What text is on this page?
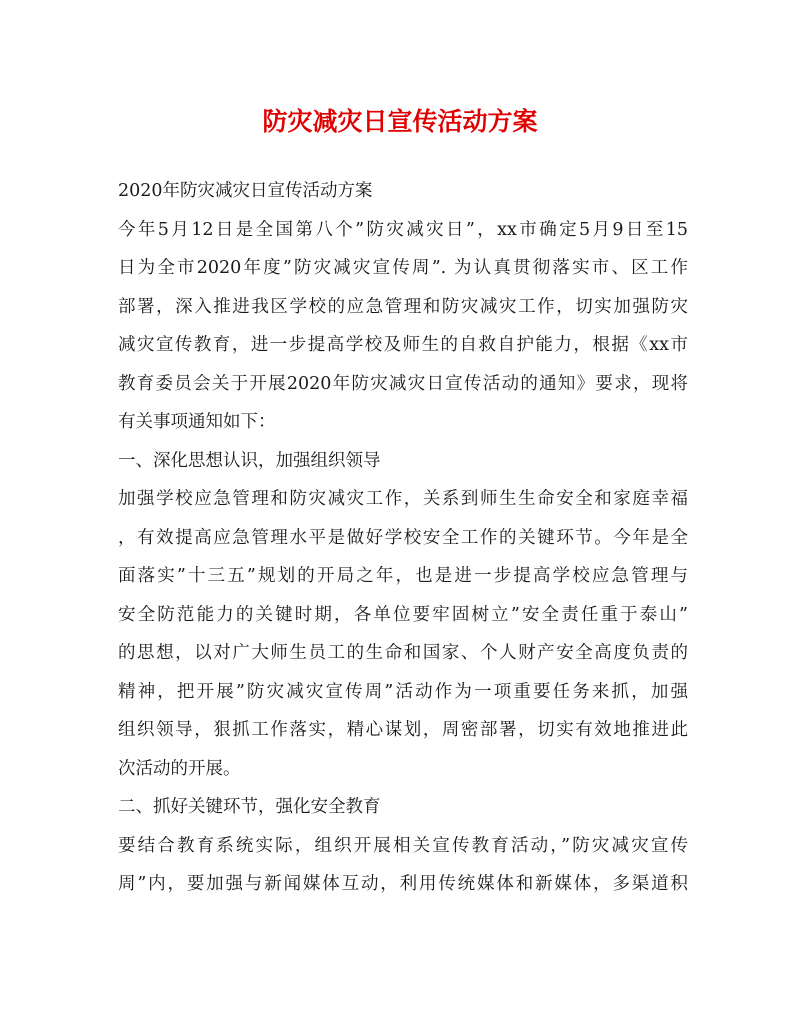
防灾减灾日宣传活动方案
2020年防灾减灾日宣传活动方案
今年5月12日是全国第八个”防灾减灾日”，xx市确定5月9日至15
日为全市2020年度”防灾减灾宣传周”. 为认真贯彻落实市、区工作
部署，深入推进我区学校的应急管理和防灾减灾工作，切实加强防灾
减灾宣传教育，进一步提高学校及师生的自救自护能力，根据《xx市
教育委员会关于开展2020年防灾减灾日宣传活动的通知》要求，现将
有关事项通知如下：
一、深化思想认识，加强组织领导
加强学校应急管理和防灾减灾工作，关系到师生生命安全和家庭幸福
，有效提高应急管理水平是做好学校安全工作的关键环节。今年是全
面落实”十三五”规划的开局之年，也是进一步提高学校应急管理与
安全防范能力的关键时期，各单位要牢固树立”安全责任重于泰山”
的思想，以对广大师生员工的生命和国家、个人财产安全高度负责的
精神，把开展”防灾减灾宣传周”活动作为一项重要任务来抓，加强
组织领导，狠抓工作落实，精心谋划，周密部署，切实有效地推进此
次活动的开展。
二、抓好关键环节，强化安全教育
要结合教育系统实际，组织开展相关宣传教育活动，”防灾减灾宣传
周”内，要加强与新闻媒体互动，利用传统媒体和新媒体，多渠道积
